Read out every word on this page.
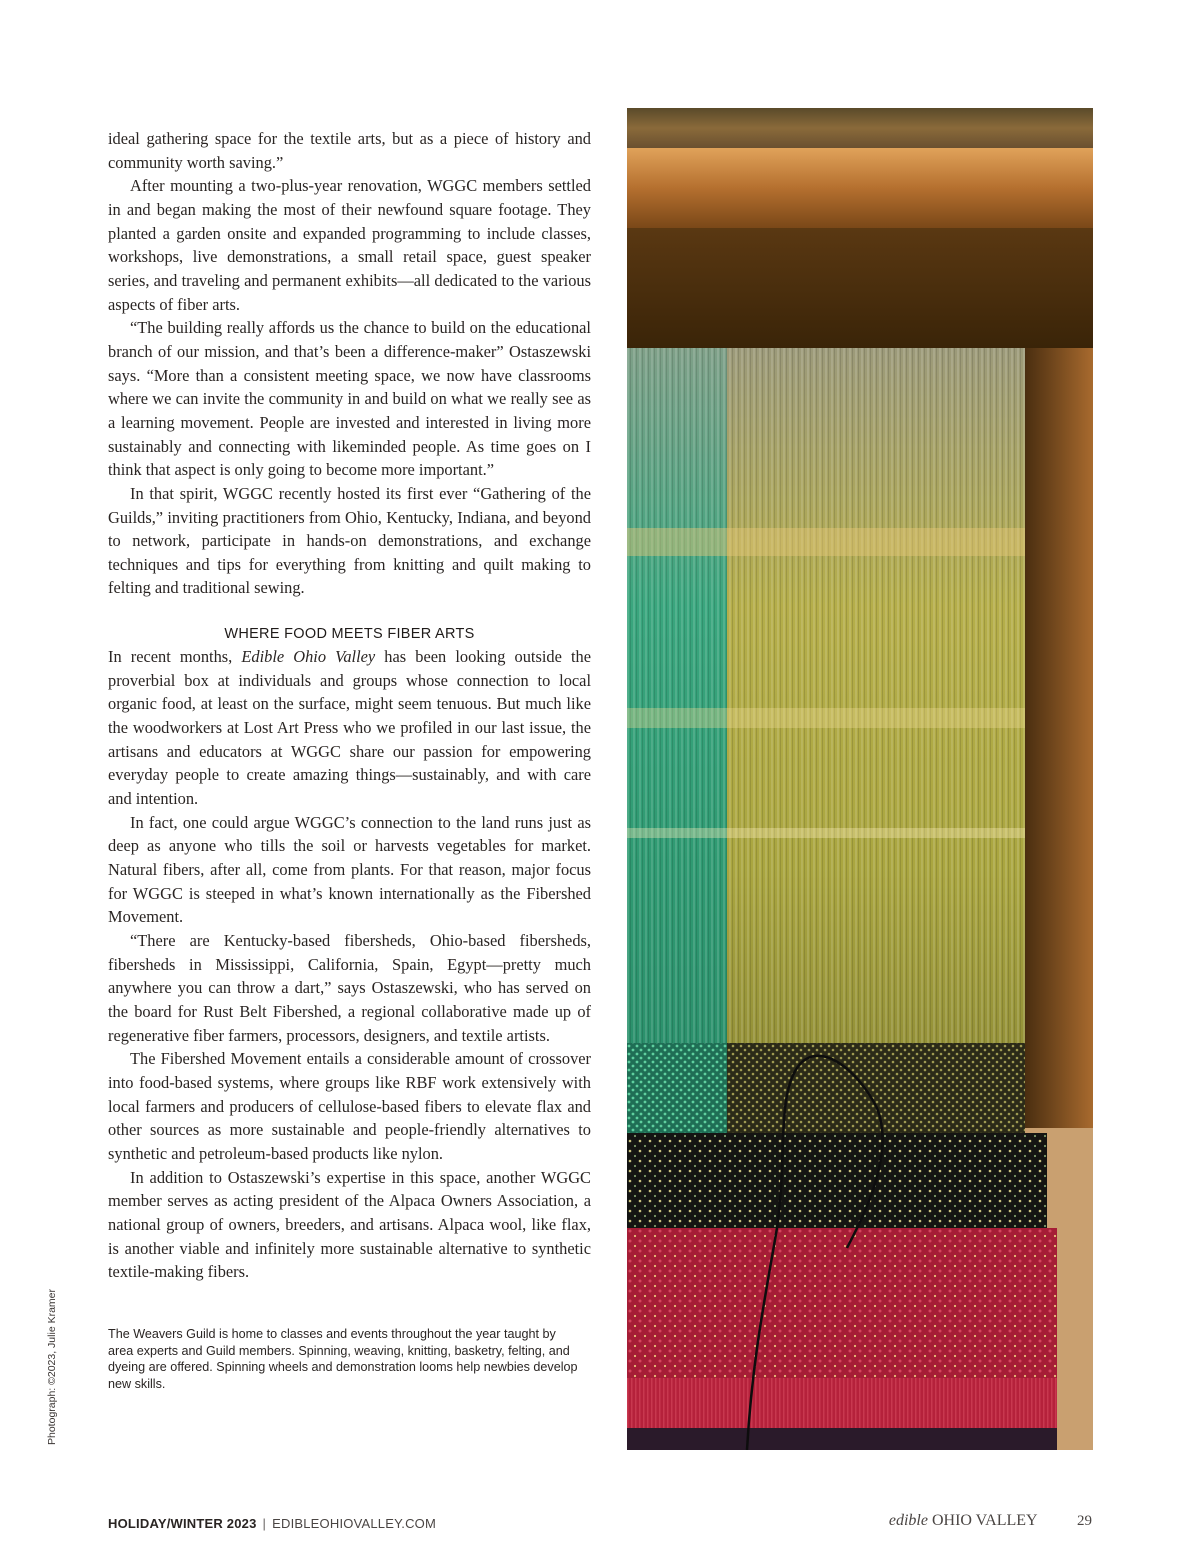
ideal gathering space for the textile arts, but as a piece of history and community worth saving.”

After mounting a two-plus-year renovation, WGGC members settled in and began making the most of their newfound square footage. They planted a garden onsite and expanded programming to include classes, workshops, live demonstrations, a small retail space, guest speaker series, and traveling and permanent exhibits—all dedicated to the various aspects of fiber arts.

“The building really affords us the chance to build on the educational branch of our mission, and that’s been a difference-maker” Ostaszewski says. “More than a consistent meeting space, we now have classrooms where we can invite the community in and build on what we really see as a learning movement. People are invested and interested in living more sustainably and connecting with likeminded people. As time goes on I think that aspect is only going to become more important.”

In that spirit, WGGC recently hosted its first ever “Gathering of the Guilds,” inviting practitioners from Ohio, Kentucky, Indiana, and beyond to network, participate in hands-on demonstrations, and exchange techniques and tips for everything from knitting and quilt making to felting and traditional sewing.

WHERE FOOD MEETS FIBER ARTS

In recent months, Edible Ohio Valley has been looking outside the proverbial box at individuals and groups whose connection to local organic food, at least on the surface, might seem tenuous. But much like the woodworkers at Lost Art Press who we profiled in our last issue, the artisans and educators at WGGC share our passion for empowering everyday people to create amazing things—sustainably, and with care and intention.

In fact, one could argue WGGC’s connection to the land runs just as deep as anyone who tills the soil or harvests vegetables for market. Natural fibers, after all, come from plants. For that reason, major focus for WGGC is steeped in what’s known internationally as the Fibershed Movement.

“There are Kentucky-based fibersheds, Ohio-based fibersheds, fibersheds in Mississippi, California, Spain, Egypt—pretty much anywhere you can throw a dart,” says Ostaszewski, who has served on the board for Rust Belt Fibershed, a regional collaborative made up of regenerative fiber farmers, processors, designers, and textile artists.

The Fibershed Movement entails a considerable amount of crossover into food-based systems, where groups like RBF work extensively with local farmers and producers of cellulose-based fibers to elevate flax and other sources as more sustainable and people-friendly alternatives to synthetic and petroleum-based products like nylon.

In addition to Ostaszewski’s expertise in this space, another WGGC member serves as acting president of the Alpaca Owners Association, a national group of owners, breeders, and artisans. Alpaca wool, like flax, is another viable and infinitely more sustainable alternative to synthetic textile-making fibers.

The Weavers Guild is home to classes and events throughout the year taught by area experts and Guild members. Spinning, weaving, knitting, basketry, felting, and dyeing are offered. Spinning wheels and demonstration looms help newbies develop new skills.
Photograph: ©2023, Julie Kramer
HOLIDAY/WINTER 2023 | EDIBLEOHIOVALLEY.COM	edible OHIO VALLEY	29
